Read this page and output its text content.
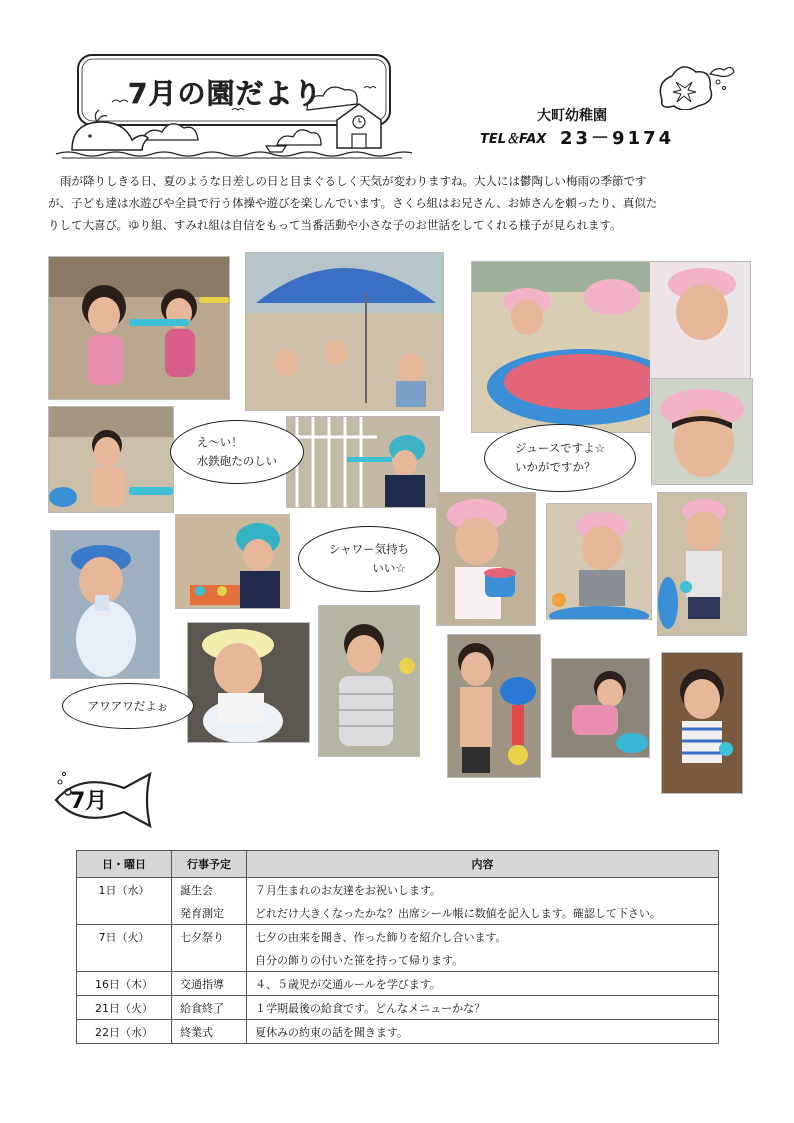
7月の園だより
大町幼稚園
TEL＆FAX 23－9174

雨が降りしきる日、夏のような日差しの日と目まぐるしく天気が変わりますね。大人には鬱陶しい梅雨の季節です

が、子ども達は水遊びや全員で行う体操や遊びを楽しんでいます。さくら組はお兄さん、お姉さんを頼ったり、真似た

りして大喜び。ゆり組、すみれ組は自信をもって当番活動や小さな子のお世話をしてくれる様子が見られます。

え～い！
水鉄砲たのしい
ジュースですよ☆
いかがですか？
シャワー気持ち
いい☆
アワアワだよぉ
7月
日・曜日	行事予定	内容
1日（水）	誕生会	７月生まれのお友達をお祝いします。
	発育測定	どれだけ大きくなったかな？出席シール帳に数値を記入します。確認して下さい。
7日（火）	七夕祭り	七夕の由来を聞き、作った飾りを紹介し合います。
		自分の飾りの付いた笹を持って帰ります。
16日（木）	交通指導	４、５歳児が交通ルールを学びます。
21日（火）	給食終了	１学期最後の給食です。どんなメニューかな？
22日（水）	終業式	夏休みの約束の話を聞きます。
